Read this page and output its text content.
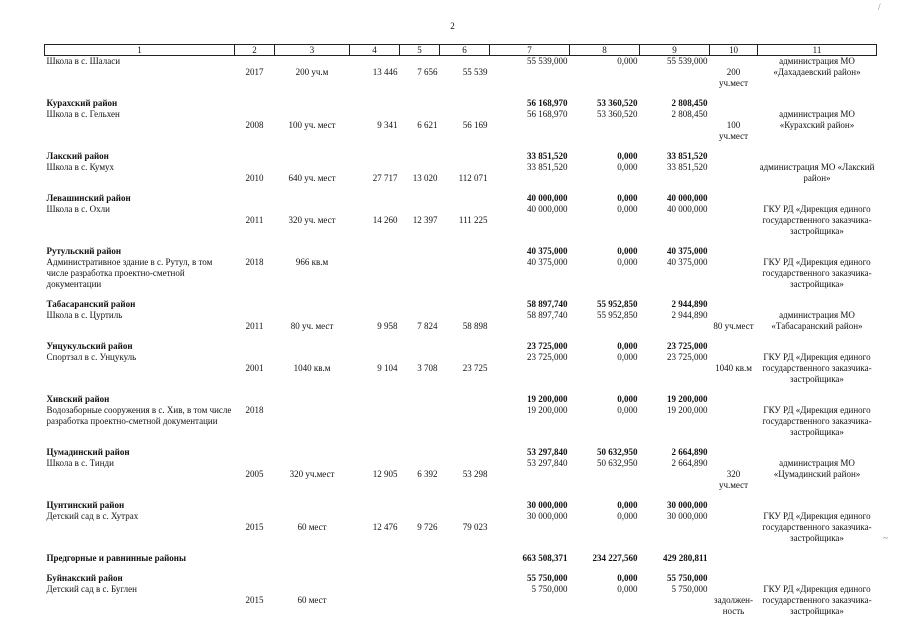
/
~
2
1	2	3	4	5	6	7	8	9	10	11
Школа в с. Шаласи	2017	200 уч.м	13 446	7 656	55 539	55 539,000	0,000	55 539,000	200 уч.мест	администрация МО «Дахадаевский район»

Курахский район						56 168,970	53 360,520	2 808,450		
Школа в с. Гельхен	2008	100 уч. мест	9 341	6 621	56 169	56 168,970	53 360,520	2 808,450	100 уч.мест	администрация МО «Курахский район»

Лакский район						33 851,520	0,000	33 851,520		
Школа в с. Кумух	2010	640 уч. мест	27 717	13 020	112 071	33 851,520	0,000	33 851,520		администрация МО «Лакский район»

Левашинский район						40 000,000	0,000	40 000,000		
Школа в с. Охли	2011	320 уч. мест	14 260	12 397	111 225	40 000,000	0,000	40 000,000		ГКУ РД «Дирекция единого государственного заказчика-застройщика»

Рутульский район						40 375,000	0,000	40 375,000		
Административное здание в с. Рутул, в том числе разработка проектно-сметной документации	2018	966 кв.м				40 375,000	0,000	40 375,000		ГКУ РД «Дирекция единого государственного заказчика-застройщика»

Табасаранский район						58 897,740	55 952,850	2 944,890		
Школа в с. Цуртиль	2011	80 уч. мест	9 958	7 824	58 898	58 897,740	55 952,850	2 944,890	80 уч.мест	администрация МО «Табасаранский район»

Унцукульский район						23 725,000	0,000	23 725,000		
Спортзал в с. Унцукуль	2001	1040 кв.м	9 104	3 708	23 725	23 725,000	0,000	23 725,000	1040 кв.м	ГКУ РД «Дирекция единого государственного заказчика-застройщика»

Хивский район						19 200,000	0,000	19 200,000		
Водозаборные сооружения в с. Хив, в том числе разработка проектно-сметной документации	2018					19 200,000	0,000	19 200,000		ГКУ РД «Дирекция единого государственного заказчика-застройщика»

Цумадинский район						53 297,840	50 632,950	2 664,890		
Школа в с. Тинди	2005	320 уч.мест	12 905	6 392	53 298	53 297,840	50 632,950	2 664,890	320 уч.мест	администрация МО «Цумадинский район»

Цунтинский район						30 000,000	0,000	30 000,000		
Детский сад в с. Хутрах	2015	60 мест	12 476	9 726	79 023	30 000,000	0,000	30 000,000		ГКУ РД «Дирекция единого государственного заказчика-застройщика»

Предгорные и равнинные районы						663 508,371	234 227,560	429 280,811		

Буйнакский район						55 750,000	0,000	55 750,000		
Детский сад в с. Буглен	2015	60 мест				5 750,000	0,000	5 750,000	задолжен-ность	ГКУ РД «Дирекция единого государственного заказчика-застройщика»
